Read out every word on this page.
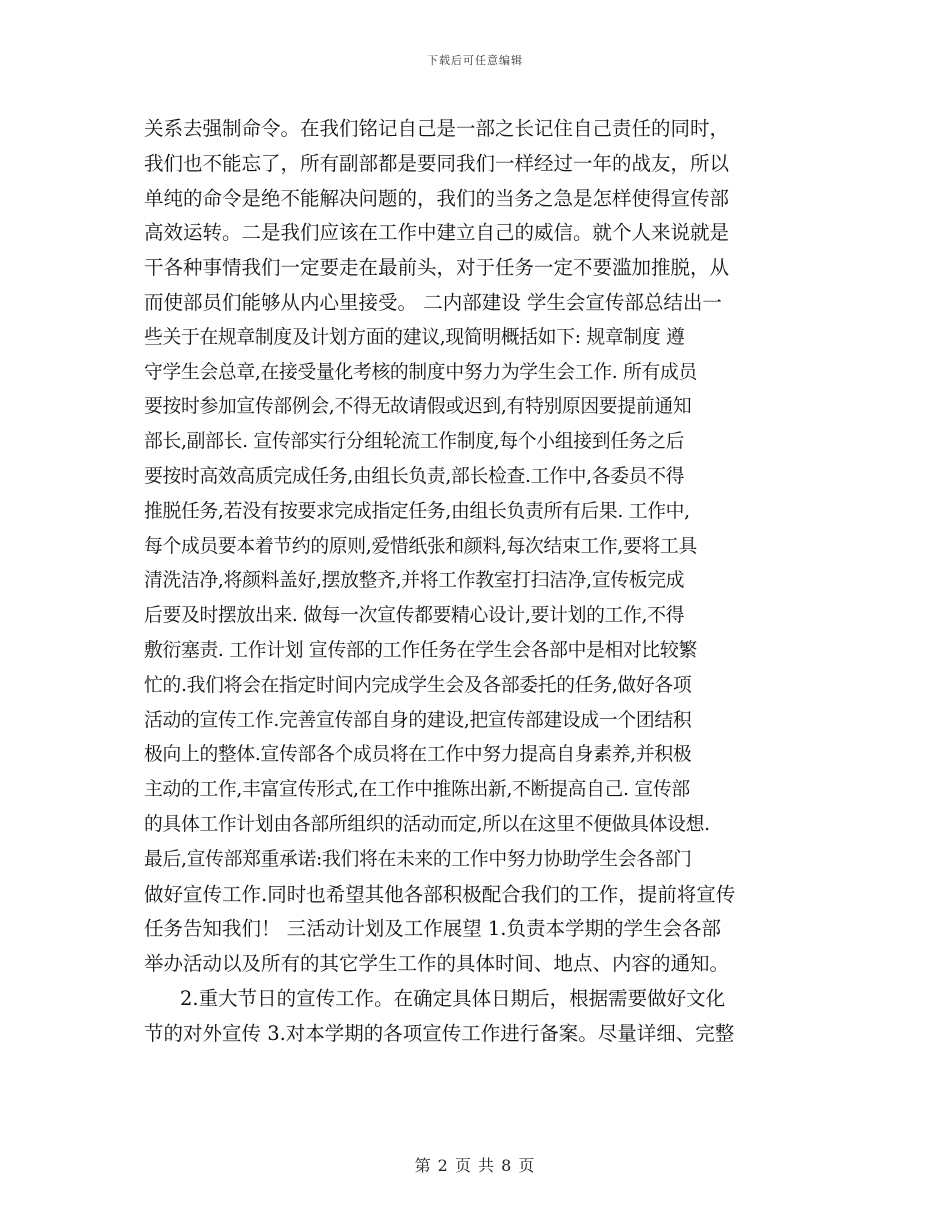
下载后可任意编辑
关系去强制命令。在我们铭记自己是一部之长记住自己责任的同时，
我们也不能忘了，所有副部都是要同我们一样经过一年的战友，所以
单纯的命令是绝不能解决问题的，我们的当务之急是怎样使得宣传部
高效运转。二是我们应该在工作中建立自己的威信。就个人来说就是
干各种事情我们一定要走在最前头，对于任务一定不要滥加推脱，从
而使部员们能够从内心里接受。 二内部建设 学生会宣传部总结出一
些关于在规章制度及计划方面的建议,现简明概括如下: 规章制度 遵
守学生会总章,在接受量化考核的制度中努力为学生会工作. 所有成员
要按时参加宣传部例会,不得无故请假或迟到,有特别原因要提前通知
部长,副部长. 宣传部实行分组轮流工作制度,每个小组接到任务之后
要按时高效高质完成任务,由组长负责,部长检查.工作中,各委员不得
推脱任务,若没有按要求完成指定任务,由组长负责所有后果. 工作中,
每个成员要本着节约的原则,爱惜纸张和颜料,每次结束工作,要将工具
清洗洁净,将颜料盖好,摆放整齐,并将工作教室打扫洁净,宣传板完成
后要及时摆放出来. 做每一次宣传都要精心设计,要计划的工作,不得
敷衍塞责. 工作计划 宣传部的工作任务在学生会各部中是相对比较繁
忙的.我们将会在指定时间内完成学生会及各部委托的任务,做好各项
活动的宣传工作.完善宣传部自身的建设,把宣传部建设成一个团结积
极向上的整体.宣传部各个成员将在工作中努力提高自身素养,并积极
主动的工作,丰富宣传形式,在工作中推陈出新,不断提高自己. 宣传部
的具体工作计划由各部所组织的活动而定,所以在这里不便做具体设想.
最后,宣传部郑重承诺:我们将在未来的工作中努力协助学生会各部门
做好宣传工作.同时也希望其他各部积极配合我们的工作，提前将宣传
任务告知我们！ 三活动计划及工作展望 1.负责本学期的学生会各部
举办活动以及所有的其它学生工作的具体时间、地点、内容的通知。
2.重大节日的宣传工作。在确定具体日期后，根据需要做好文化
节的对外宣传 3.对本学期的各项宣传工作进行备案。尽量详细、完整
第 2 页 共 8 页
